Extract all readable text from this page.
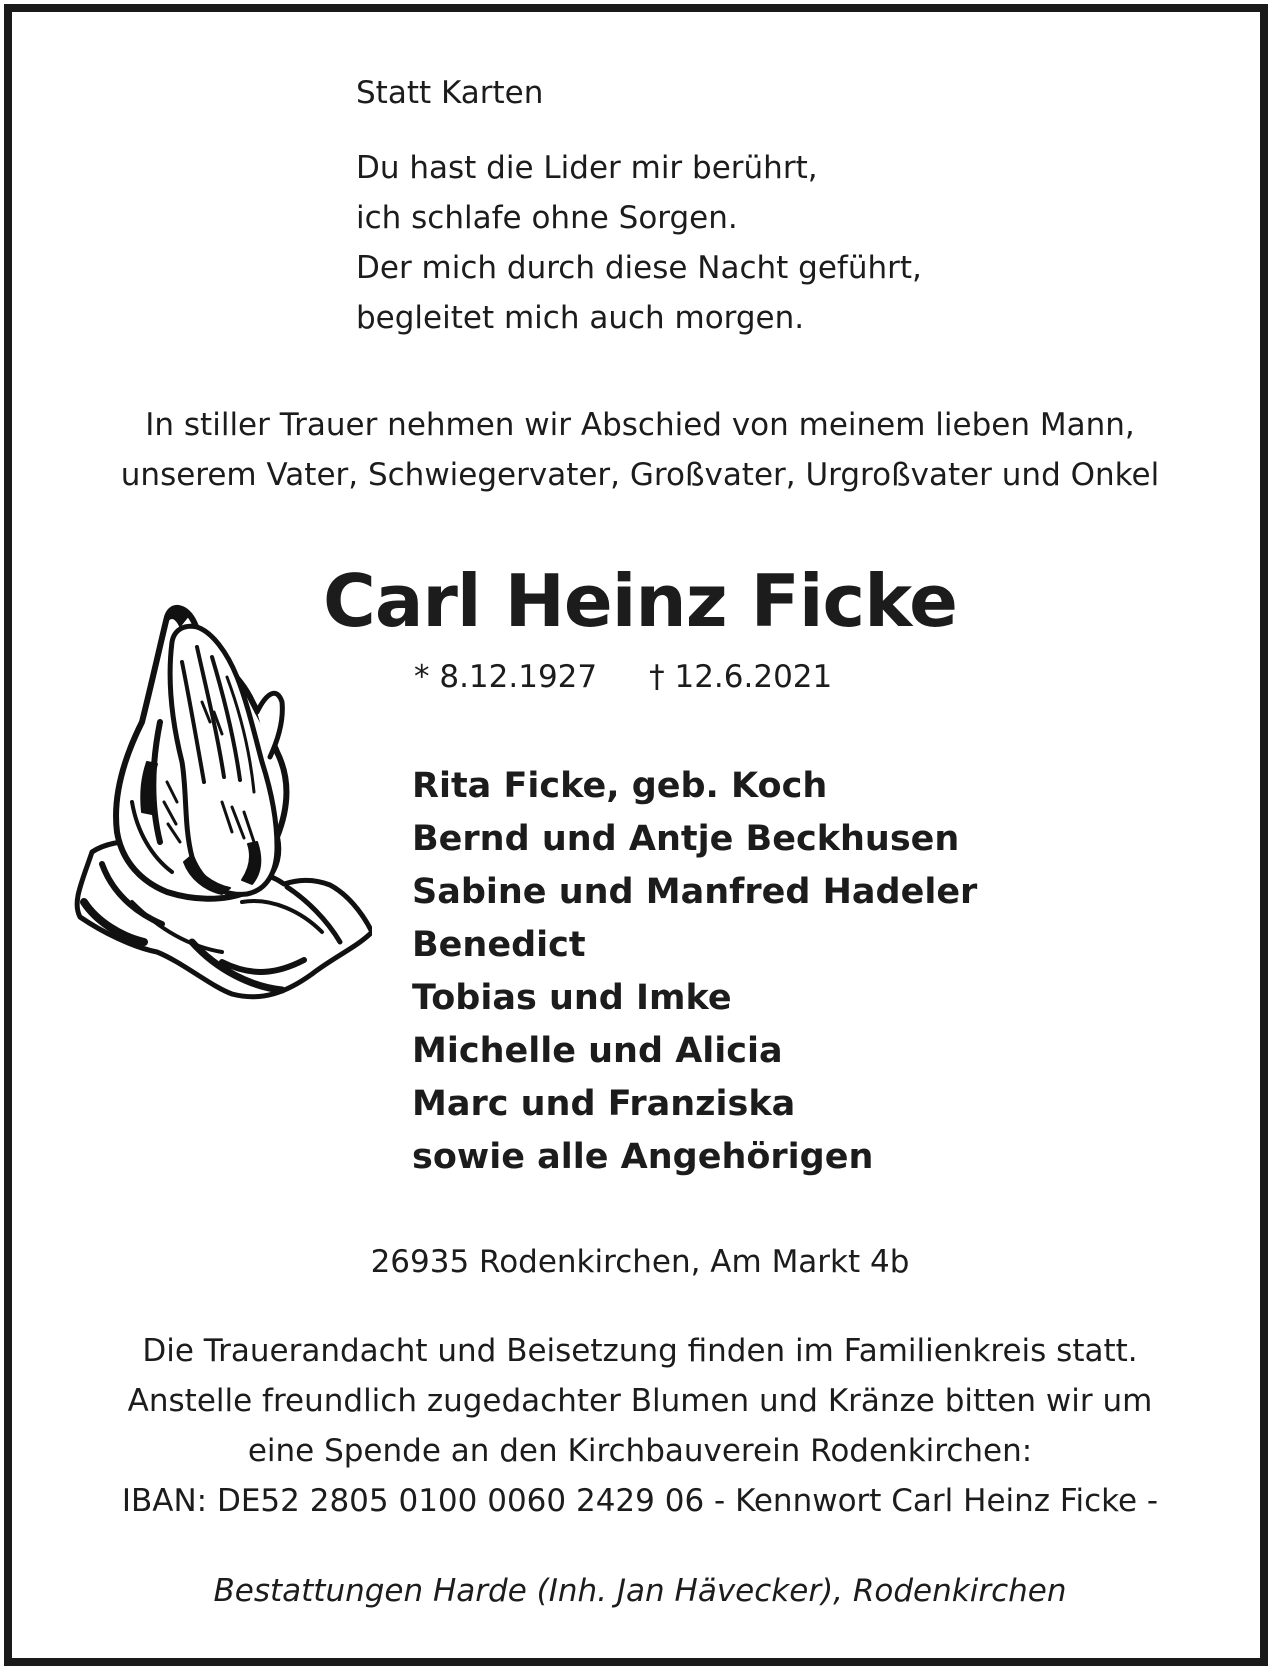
Statt Karten

Du hast die Lider mir berührt,
ich schlafe ohne Sorgen.
Der mich durch diese Nacht geführt,
begleitet mich auch morgen.
In stiller Trauer nehmen wir Abschied von meinem lieben Mann,
unserem Vater, Schwiegervater, Großvater, Urgroßvater und Onkel
Carl Heinz Ficke
* 8.12.1927 † 12.6.2021
Rita Ficke, geb. Koch
Bernd und Antje Beckhusen
Sabine und Manfred Hadeler
Benedict
Tobias und Imke
Michelle und Alicia
Marc und Franziska
sowie alle Angehörigen

26935 Rodenkirchen, Am Markt 4b

Die Trauerandacht und Beisetzung finden im Familienkreis statt.
Anstelle freundlich zugedachter Blumen und Kränze bitten wir um
eine Spende an den Kirchbauverein Rodenkirchen:
IBAN: DE52 2805 0100 0060 2429 06 - Kennwort Carl Heinz Ficke -

Bestattungen Harde (Inh. Jan Hävecker), Rodenkirchen
